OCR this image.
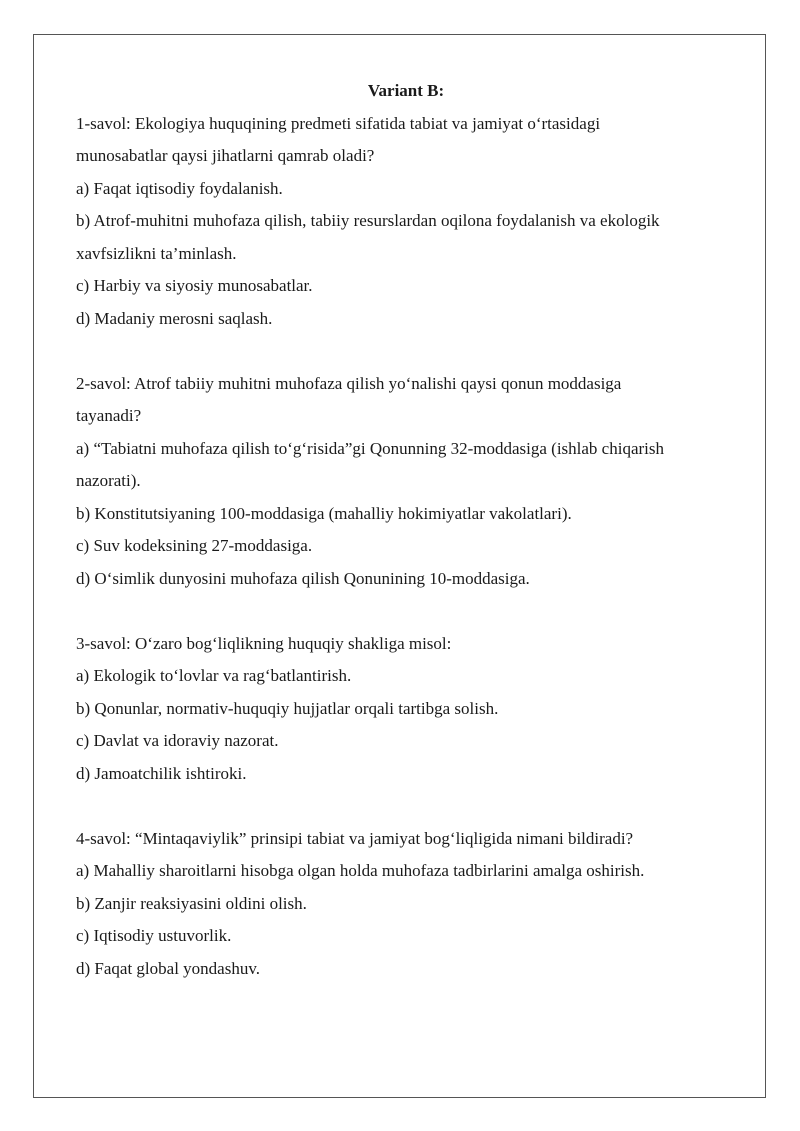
Variant B:

1-savol: Ekologiya huquqining predmeti sifatida tabiat va jamiyat o‘rtasidagi

munosabatlar qaysi jihatlarni qamrab oladi?

a) Faqat iqtisodiy foydalanish.

b) Atrof-muhitni muhofaza qilish, tabiiy resurslardan oqilona foydalanish va ekologik

xavfsizlikni ta’minlash.

c) Harbiy va siyosiy munosabatlar.

d) Madaniy merosni saqlash.

2-savol: Atrof tabiiy muhitni muhofaza qilish yo‘nalishi qaysi qonun moddasiga

tayanadi?

a) “Tabiatni muhofaza qilish to‘g‘risida”gi Qonunning 32-moddasiga (ishlab chiqarish

nazorati).

b) Konstitutsiyaning 100-moddasiga (mahalliy hokimiyatlar vakolatlari).

c) Suv kodeksining 27-moddasiga.

d) O‘simlik dunyosini muhofaza qilish Qonunining 10-moddasiga.

3-savol: O‘zaro bog‘liqlikning huquqiy shakliga misol:

a) Ekologik to‘lovlar va rag‘batlantirish.

b) Qonunlar, normativ-huquqiy hujjatlar orqali tartibga solish.

c) Davlat va idoraviy nazorat.

d) Jamoatchilik ishtiroki.

4-savol: “Mintaqaviylik” prinsipi tabiat va jamiyat bog‘liqligida nimani bildiradi?

a) Mahalliy sharoitlarni hisobga olgan holda muhofaza tadbirlarini amalga oshirish.

b) Zanjir reaksiyasini oldini olish.

c) Iqtisodiy ustuvorlik.

d) Faqat global yondashuv.
